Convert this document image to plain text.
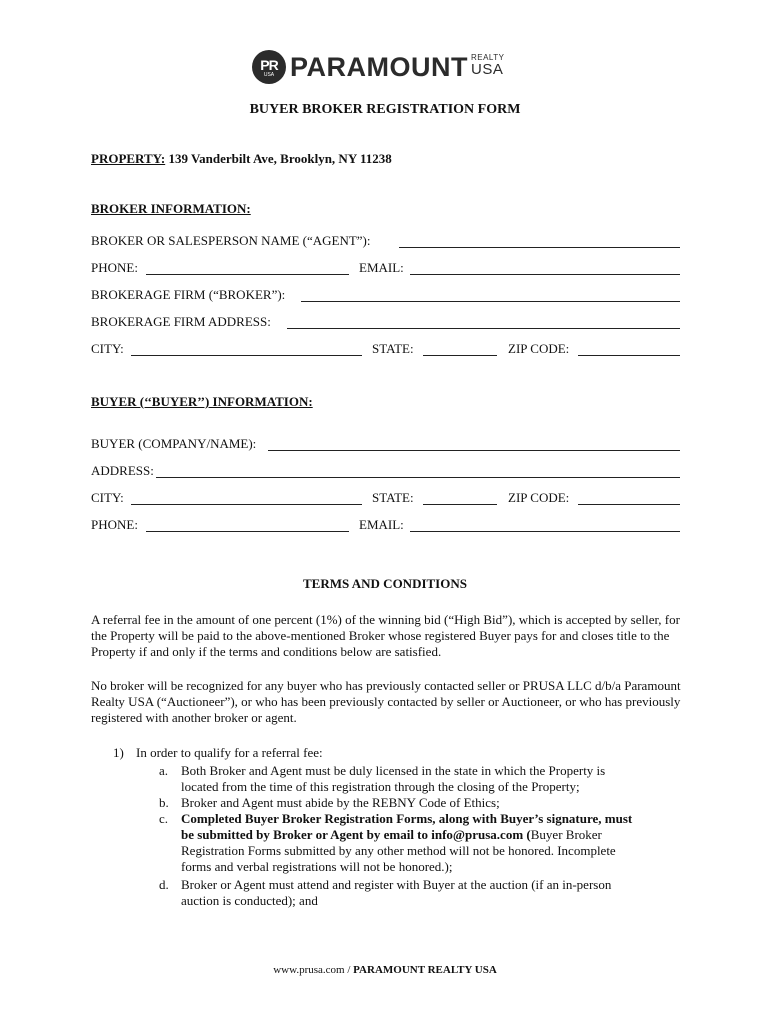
PR
USA PARAMOUNT REALTY
USA
BUYER BROKER REGISTRATION FORM
PROPERTY: 139 Vanderbilt Ave, Brooklyn, NY 11238
BROKER INFORMATION:
BROKER OR SALESPERSON NAME (“AGENT”):
PHONE:	EMAIL:
BROKERAGE FIRM (“BROKER”):
BROKERAGE FIRM ADDRESS:
CITY:	STATE:	ZIP CODE:
BUYER (‘‘BUYER’’) INFORMATION:
BUYER (COMPANY/NAME):
ADDRESS:
CITY:	STATE:	ZIP CODE:
PHONE:	EMAIL:
TERMS AND CONDITIONS
A referral fee in the amount of one percent (1%) of the winning bid (“High Bid”), which is accepted by seller, for the Property will be paid to the above-mentioned Broker whose registered Buyer pays for and closes title to the Property if and only if the terms and conditions below are satisfied.
No broker will be recognized for any buyer who has previously contacted seller or PRUSA LLC d/b/a Paramount Realty USA (“Auctioneer”), or who has been previously contacted by seller or Auctioneer, or who has previously registered with another broker or agent.
1) In order to qualify for a referral fee:
a. Both Broker and Agent must be duly licensed in the state in which the Property is
located from the time of this registration through the closing of the Property;
b. Broker and Agent must abide by the REBNY Code of Ethics;
c. Completed Buyer Broker Registration Forms, along with Buyer’s signature, must
be submitted by Broker or Agent by email to info@prusa.com (Buyer Broker
Registration Forms submitted by any other method will not be honored. Incomplete
forms and verbal registrations will not be honored.);
d. Broker or Agent must attend and register with Buyer at the auction (if an in-person
auction is conducted); and
www.prusa.com / PARAMOUNT REALTY USA
